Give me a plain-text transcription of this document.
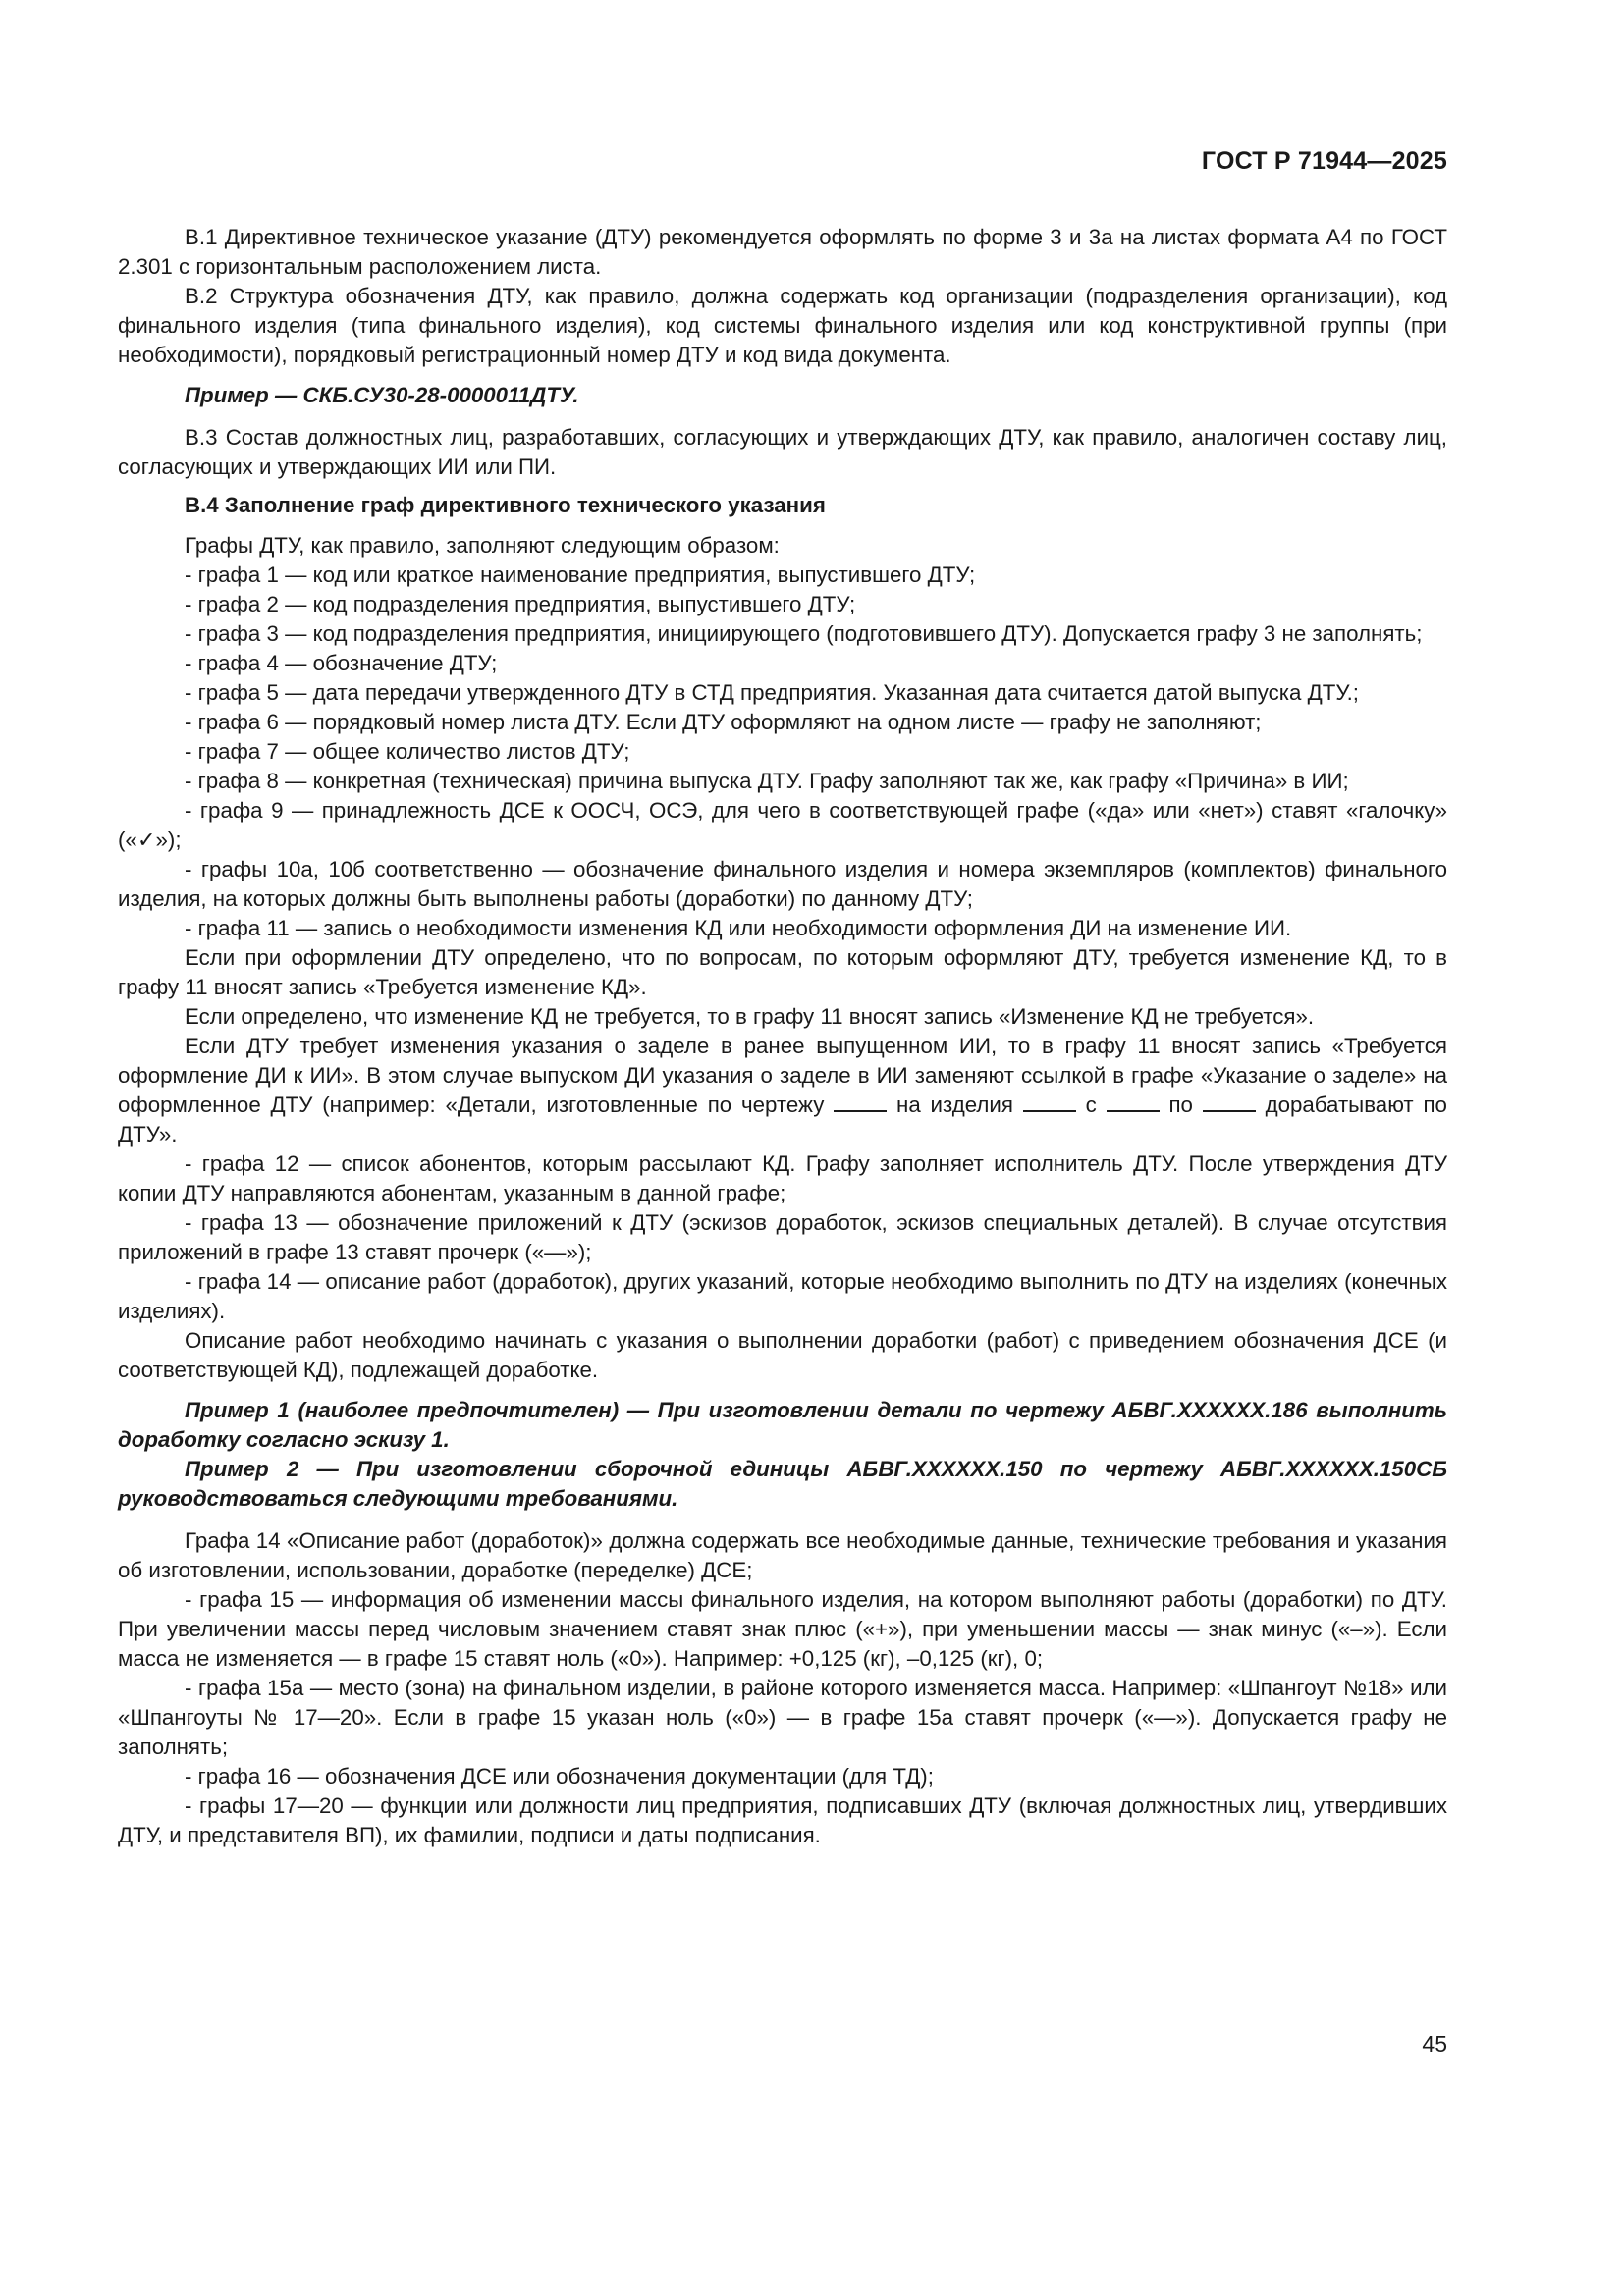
ГОСТ Р 71944—2025

В.1 Директивное техническое указание (ДТУ) рекомендуется оформлять по форме 3 и 3а на листах формата А4 по ГОСТ 2.301 с горизонтальным расположением листа.

В.2 Структура обозначения ДТУ, как правило, должна содержать код организации (подразделения организации), код финального изделия (типа финального изделия), код системы финального изделия или код конструктивной группы (при необходимости), порядковый регистрационный номер ДТУ и код вида документа.

Пример — СКБ.СУ30-28-0000011ДТУ.

В.3 Состав должностных лиц, разработавших, согласующих и утверждающих ДТУ, как правило, аналогичен составу лиц, согласующих и утверждающих ИИ или ПИ.

В.4 Заполнение граф директивного технического указания

Графы ДТУ, как правило, заполняют следующим образом:

- графа 1 — код или краткое наименование предприятия, выпустившего ДТУ;

- графа 2 — код подразделения предприятия, выпустившего ДТУ;

- графа 3 — код подразделения предприятия, инициирующего (подготовившего ДТУ). Допускается графу 3 не заполнять;

- графа 4 — обозначение ДТУ;

- графа 5 — дата передачи утвержденного ДТУ в СТД предприятия. Указанная дата считается датой выпуска ДТУ.;

- графа 6 — порядковый номер листа ДТУ. Если ДТУ оформляют на одном листе — графу не заполняют;

- графа 7 — общее количество листов ДТУ;

- графа 8 — конкретная (техническая) причина выпуска ДТУ. Графу заполняют так же, как графу «Причина» в ИИ;

- графа 9 — принадлежность ДСЕ к ООСЧ, ОСЭ, для чего в соответствующей графе («да» или «нет») ставят «галочку» («✓»);

- графы 10а, 10б соответственно — обозначение финального изделия и номера экземпляров (комплектов) финального изделия, на которых должны быть выполнены работы (доработки) по данному ДТУ;

- графа 11 — запись о необходимости изменения КД или необходимости оформления ДИ на изменение ИИ.

Если при оформлении ДТУ определено, что по вопросам, по которым оформляют ДТУ, требуется изменение КД, то в графу 11 вносят запись «Требуется изменение КД».

Если определено, что изменение КД не требуется, то в графу 11 вносят запись «Изменение КД не требуется».

Если ДТУ требует изменения указания о заделе в ранее выпущенном ИИ, то в графу 11 вносят запись «Требуется оформление ДИ к ИИ». В этом случае выпуском ДИ указания о заделе в ИИ заменяют ссылкой в графе «Указание о заделе» на оформленное ДТУ (например: «Детали, изготовленные по чертежу	на изделия	с	по	дорабатывают по ДТУ».

- графа 12 — список абонентов, которым рассылают КД. Графу заполняет исполнитель ДТУ. После утверждения ДТУ копии ДТУ направляются абонентам, указанным в данной графе;

- графа 13 — обозначение приложений к ДТУ (эскизов доработок, эскизов специальных деталей). В случае отсутствия приложений в графе 13 ставят прочерк («—»);

- графа 14 — описание работ (доработок), других указаний, которые необходимо выполнить по ДТУ на изделиях (конечных изделиях).

Описание работ необходимо начинать с указания о выполнении доработки (работ) с приведением обозначения ДСЕ (и соответствующей КД), подлежащей доработке.

Пример 1 (наиболее предпочтителен) — При изготовлении детали по чертежу АБВГ.XXXXXX.186 выполнить доработку согласно эскизу 1.

Пример 2 — При изготовлении сборочной единицы АБВГ.XXXXXX.150 по чертежу АБВГ.XXXXXX.150СБ руководствоваться следующими требованиями.

Графа 14 «Описание работ (доработок)» должна содержать все необходимые данные, технические требования и указания об изготовлении, использовании, доработке (переделке) ДСЕ;

- графа 15 — информация об изменении массы финального изделия, на котором выполняют работы (доработки) по ДТУ. При увеличении массы перед числовым значением ставят знак плюс («+»), при уменьшении массы — знак минус («–»). Если масса не изменяется — в графе 15 ставят ноль («0»). Например: +0,125 (кг), –0,125 (кг), 0;

- графа 15а — место (зона) на финальном изделии, в районе которого изменяется масса. Например: «Шпангоут №18» или «Шпангоуты № 17—20». Если в графе 15 указан ноль («0») — в графе 15а ставят прочерк («—»). Допускается графу не заполнять;

- графа 16 — обозначения ДСЕ или обозначения документации (для ТД);

- графы 17—20 — функции или должности лиц предприятия, подписавших ДТУ (включая должностных лиц, утвердивших ДТУ, и представителя ВП), их фамилии, подписи и даты подписания.

45
